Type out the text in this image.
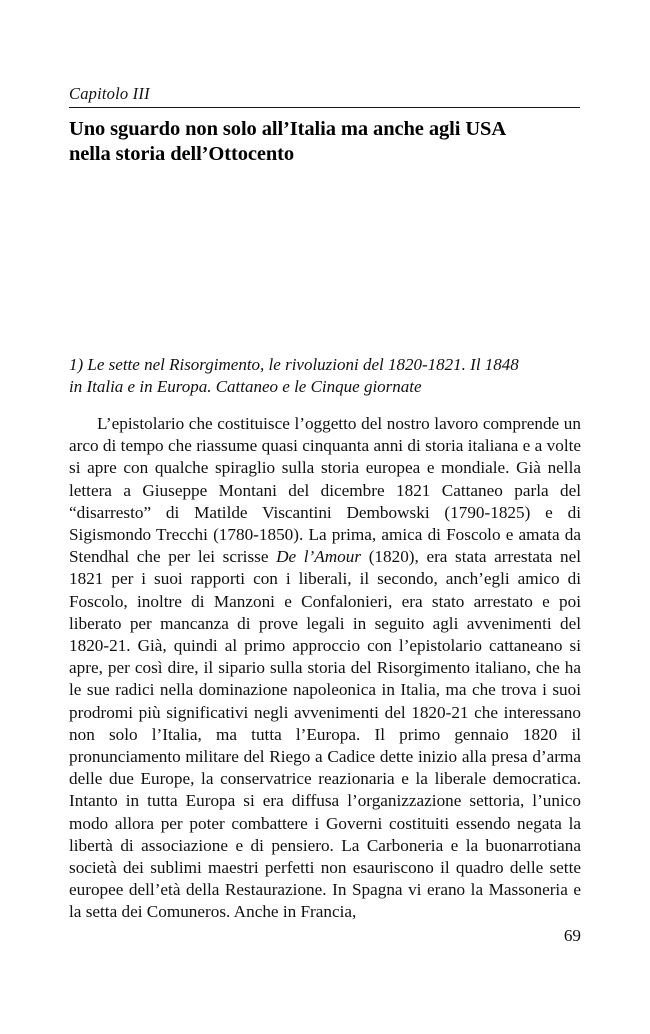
Capitolo III
Uno sguardo non solo all’Italia ma anche agli USA
nella storia dell’Ottocento
1) Le sette nel Risorgimento, le rivoluzioni del 1820-1821. Il 1848
in Italia e in Europa. Cattaneo e le Cinque giornate

L’epistolario che costituisce l’oggetto del nostro lavoro comprende un arco di tempo che riassume quasi cinquanta anni di storia italiana e a volte si apre con qualche spiraglio sulla storia europea e mondiale. Già nella lettera a Giuseppe Montani del dicembre 1821 Cattaneo parla del “disarresto” di Matilde Viscantini Dembowski (1790-1825) e di Sigismondo Trecchi (1780-1850). La prima, amica di Foscolo e amata da Stendhal che per lei scrisse De l’Amour (1820), era stata arrestata nel 1821 per i suoi rapporti con i liberali, il secondo, anch’egli amico di Foscolo, inoltre di Manzoni e Confalonieri, era stato arrestato e poi liberato per mancanza di prove legali in seguito agli avvenimenti del 1820-21. Già, quindi al primo approccio con l’epistolario cattaneano si apre, per così dire, il sipario sulla storia del Risorgimento italiano, che ha le sue radici nella dominazione napoleonica in Italia, ma che trova i suoi prodromi più significativi negli avvenimenti del 1820-21 che interessano non solo l’Italia, ma tutta l’Europa. Il primo gennaio 1820 il pronunciamento militare del Riego a Cadice dette inizio alla presa d’arma delle due Europe, la conservatrice reazionaria e la liberale democratica. Intanto in tutta Europa si era diffusa l’organizzazione settoria, l’unico modo allora per poter combattere i Governi costituiti essendo negata la libertà di associazione e di pensiero. La Carboneria e la buonarrotiana società dei sublimi maestri perfetti non esauriscono il quadro delle sette europee dell’età della Restaurazione. In Spagna vi erano la Massoneria e la setta dei Comuneros. Anche in Francia,

69
